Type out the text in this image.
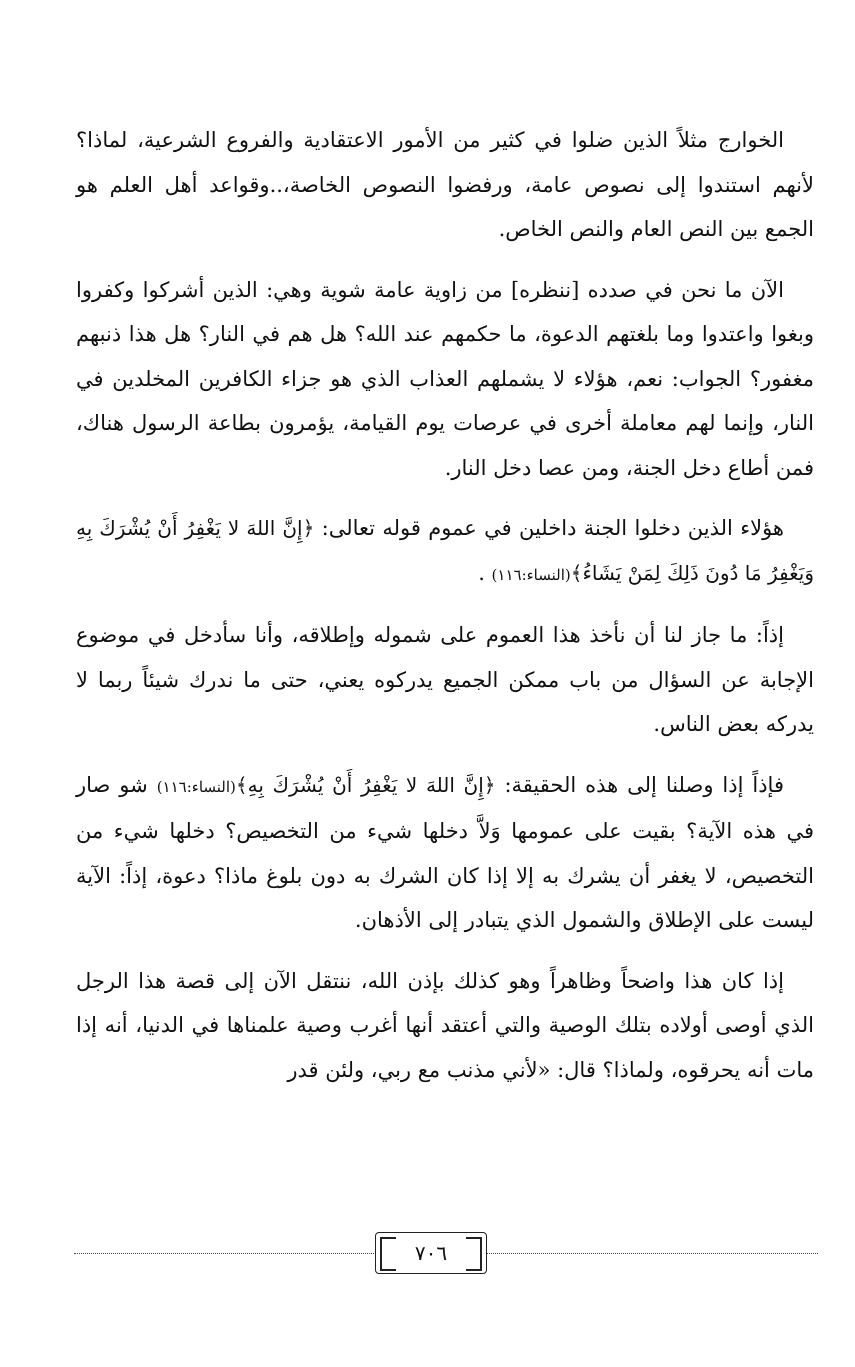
الخوارج مثلاً الذين ضلوا في كثير من الأمور الاعتقادية والفروع الشرعية، لماذا؟ لأنهم استندوا إلى نصوص عامة، ورفضوا النصوص الخاصة،..وقواعد أهل العلم هو الجمع بين النص العام والنص الخاص.

الآن ما نحن في صدده [ننظره] من زاوية عامة شوية وهي: الذين أشركوا وكفروا وبغوا واعتدوا وما بلغتهم الدعوة، ما حكمهم عند الله؟ هل هم في النار؟ هل هذا ذنبهم مغفور؟ الجواب: نعم، هؤلاء لا يشملهم العذاب الذي هو جزاء الكافرين المخلدين في النار، وإنما لهم معاملة أخرى في عرصات يوم القيامة، يؤمرون بطاعة الرسول هناك، فمن أطاع دخل الجنة، ومن عصا دخل النار.

هؤلاء الذين دخلوا الجنة داخلين في عموم قوله تعالى: ﴿إِنَّ اللهَ لا يَغْفِرُ أَنْ يُشْرَكَ بِهِ وَيَغْفِرُ مَا دُونَ ذَلِكَ لِمَنْ يَشَاءُ﴾(النساء:١١٦) .

إذاً: ما جاز لنا أن نأخذ هذا العموم على شموله وإطلاقه، وأنا سأدخل في موضوع الإجابة عن السؤال من باب ممكن الجميع يدركوه يعني، حتى ما ندرك شيئاً ربما لا يدركه بعض الناس.

فإذاً إذا وصلنا إلى هذه الحقيقة: ﴿إِنَّ اللهَ لا يَغْفِرُ أَنْ يُشْرَكَ بِهِ﴾(النساء:١١٦) شو صار في هذه الآية؟ بقيت على عمومها وَلاَّ دخلها شيء من التخصيص؟ دخلها شيء من التخصيص، لا يغفر أن يشرك به إلا إذا كان الشرك به دون بلوغ ماذا؟ دعوة، إذاً: الآية ليست على الإطلاق والشمول الذي يتبادر إلى الأذهان.

إذا كان هذا واضحاً وظاهراً وهو كذلك بإذن الله، ننتقل الآن إلى قصة هذا الرجل الذي أوصى أولاده بتلك الوصية والتي أعتقد أنها أغرب وصية علمناها في الدنيا، أنه إذا مات أنه يحرقوه، ولماذا؟ قال: «لأني مذنب مع ربي، ولئن قدر

٧٠٦
